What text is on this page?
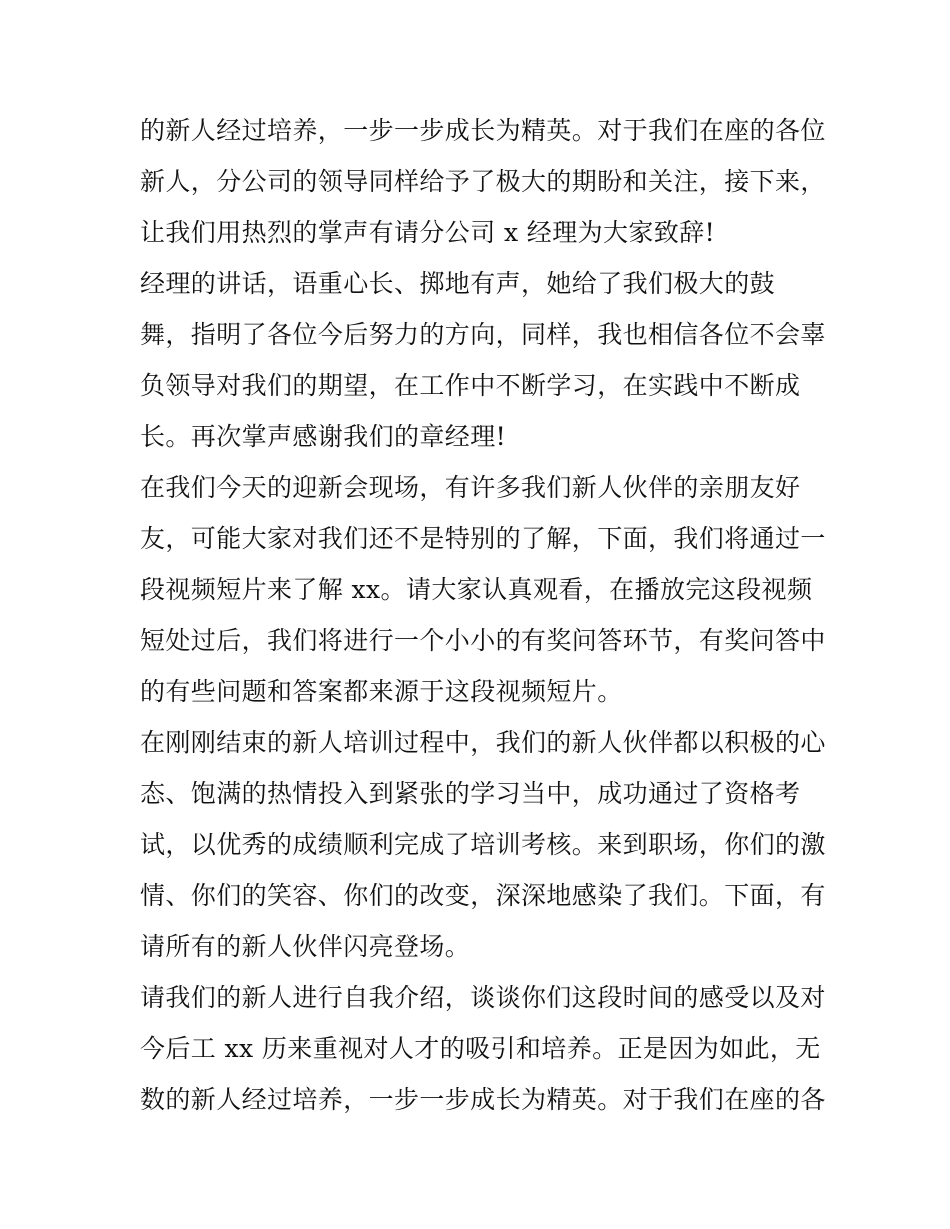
的新人经过培养，一步一步成长为精英。对于我们在座的各位
新人，分公司的领导同样给予了极大的期盼和关注，接下来，
让我们用热烈的掌声有请分公司 x 经理为大家致辞!
经理的讲话，语重心长、掷地有声，她给了我们极大的鼓
舞，指明了各位今后努力的方向，同样，我也相信各位不会辜
负领导对我们的期望，在工作中不断学习，在实践中不断成
长。再次掌声感谢我们的章经理!
在我们今天的迎新会现场，有许多我们新人伙伴的亲朋友好
友，可能大家对我们还不是特别的了解，下面，我们将通过一
段视频短片来了解 xx。请大家认真观看，在播放完这段视频
短处过后，我们将进行一个小小的有奖问答环节，有奖问答中
的有些问题和答案都来源于这段视频短片。
在刚刚结束的新人培训过程中，我们的新人伙伴都以积极的心
态、饱满的热情投入到紧张的学习当中，成功通过了资格考
试，以优秀的成绩顺利完成了培训考核。来到职场，你们的激
情、你们的笑容、你们的改变，深深地感染了我们。下面，有
请所有的新人伙伴闪亮登场。
请我们的新人进行自我介绍，谈谈你们这段时间的感受以及对
今后工 xx 历来重视对人才的吸引和培养。正是因为如此，无
数的新人经过培养，一步一步成长为精英。对于我们在座的各
